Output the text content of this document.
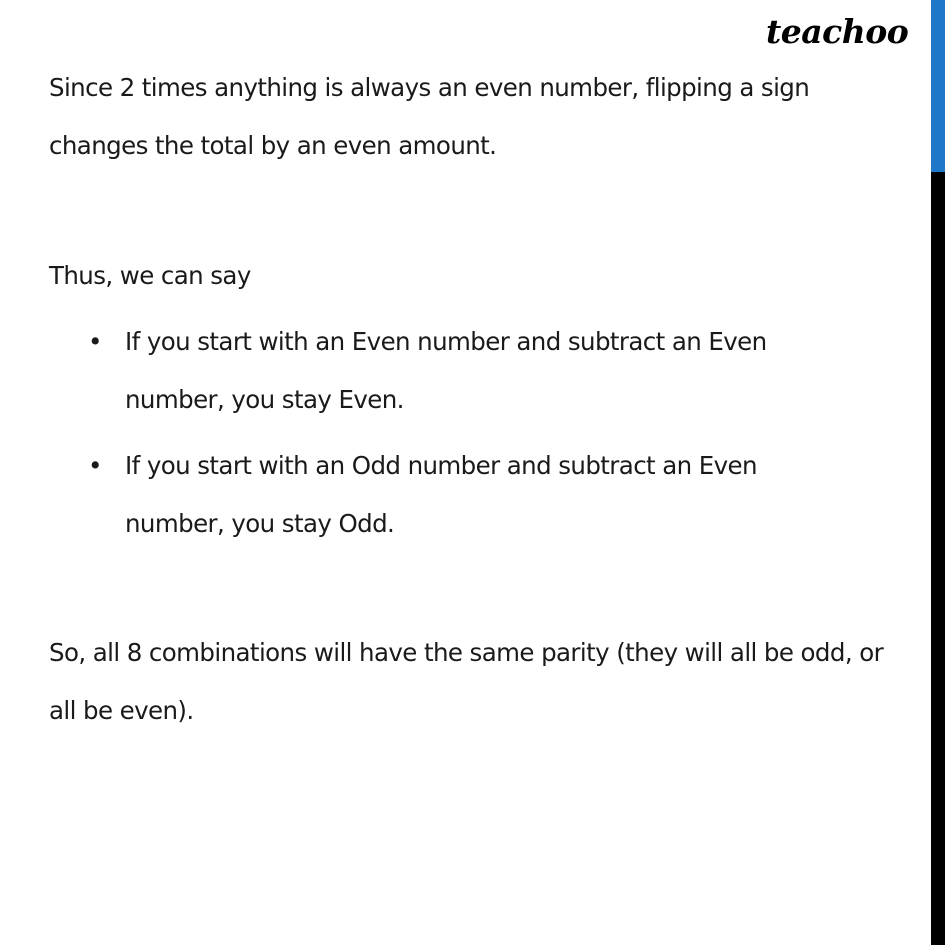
teachoo

Since 2 times anything is always an even number, flipping a sign changes the total by an even amount.

Thus, we can say

• If you start with an Even number and subtract an Even number, you stay Even.
• If you start with an Odd number and subtract an Even number, you stay Odd.

So, all 8 combinations will have the same parity (they will all be odd, or all be even).
